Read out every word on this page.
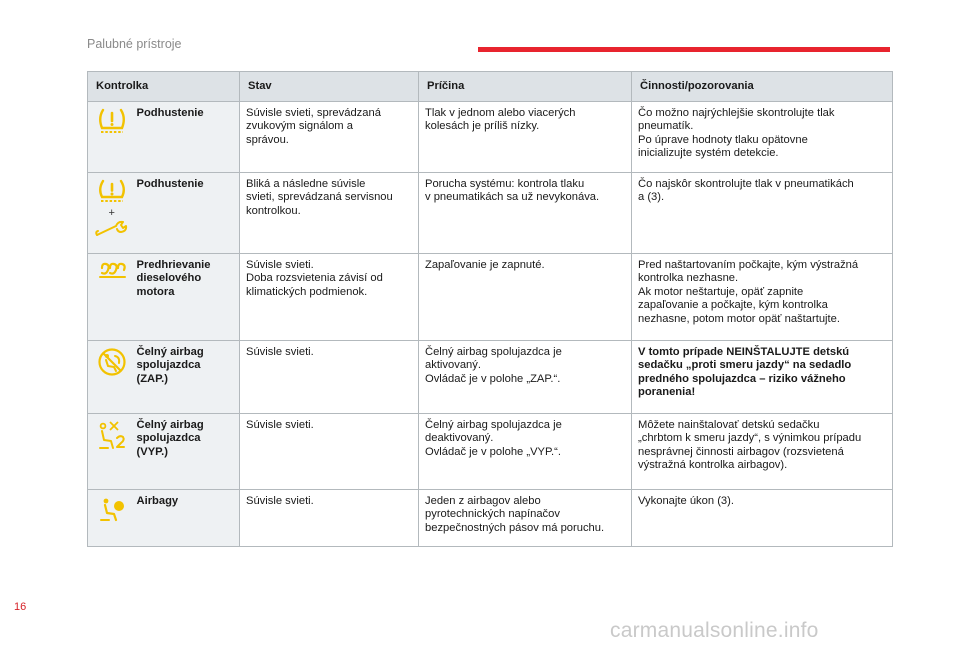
Palubné prístroje
Kontrolka		Stav	Príčina	Činnosti/pozorovania

	Podhustenie	Súvisle svieti, sprevádzaná
zvukovým signálom a
správou.	Tlak v jednom alebo viacerých
kolesách je príliš nízky.	Čo možno najrýchlejšie skontrolujte tlak
pneumatík.
Po úprave hodnoty tlaku opätovne
inicializujte systém detekcie.

+	Podhustenie	Bliká a následne súvisle
svieti, sprevádzaná servisnou
kontrolkou.	Porucha systému: kontrola tlaku
v pneumatikách sa už nevykonáva.	Čo najskôr skontrolujte tlak v pneumatikách
a (3).

Predhrievanie
dieselového
motora	Súvisle svieti.
Doba rozsvietenia závisí od
klimatických podmienok.	Zapaľovanie je zapnuté.	Pred naštartovaním počkajte, kým výstražná
kontrolka nezhasne.
Ak motor neštartuje, opäť zapnite
zapaľovanie a počkajte, kým kontrolka
nezhasne, potom motor opäť naštartujte.

Čelný airbag
spolujazdca
(ZAP.)	Súvisle svieti.	Čelný airbag spolujazdca je
aktivovaný.
Ovládač je v polohe „ZAP.“.	V tomto prípade NEINŠTALUJTE detskú
sedačku „proti smeru jazdy“ na sedadlo
predného spolujazdca – riziko vážneho
poranenia!

Čelný airbag
spolujazdca
(VYP.)	Súvisle svieti.	Čelný airbag spolujazdca je
deaktivovaný.
Ovládač je v polohe „VYP.“.	Môžete nainštalovať detskú sedačku
„chrbtom k smeru jazdy“, s výnimkou prípadu
nesprávnej činnosti airbagov (rozsvietená
výstražná kontrolka airbagov).

	Airbagy	Súvisle svieti.	Jeden z airbagov alebo
pyrotechnických napínačov
bezpečnostných pásov má poruchu.	Vykonajte úkon (3).
16
carmanualsonline.info
